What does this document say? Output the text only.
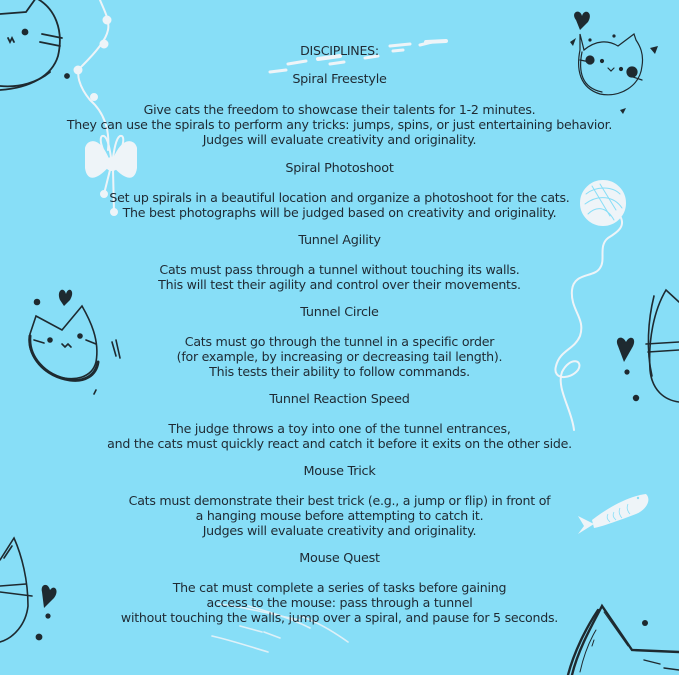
DISCIPLINES:
Spiral Freestyle
Give cats the freedom to showcase their talents for 1-2 minutes.
They can use the spirals to perform any tricks: jumps, spins, or just entertaining behavior.
Judges will evaluate creativity and originality.
Spiral Photoshoot
Set up spirals in a beautiful location and organize a photoshoot for the cats.
The best photographs will be judged based on creativity and originality.
Tunnel Agility
Cats must pass through a tunnel without touching its walls.
This will test their agility and control over their movements.
Tunnel Circle
Cats must go through the tunnel in a specific order
(for example, by increasing or decreasing tail length).
This tests their ability to follow commands.
Tunnel Reaction Speed
The judge throws a toy into one of the tunnel entrances,
and the cats must quickly react and catch it before it exits on the other side.
Mouse Trick
Cats must demonstrate their best trick (e.g., a jump or flip) in front of
a hanging mouse before attempting to catch it.
Judges will evaluate creativity and originality.
Mouse Quest
The cat must complete a series of tasks before gaining
access to the mouse: pass through a tunnel
without touching the walls, jump over a spiral, and pause for 5 seconds.
